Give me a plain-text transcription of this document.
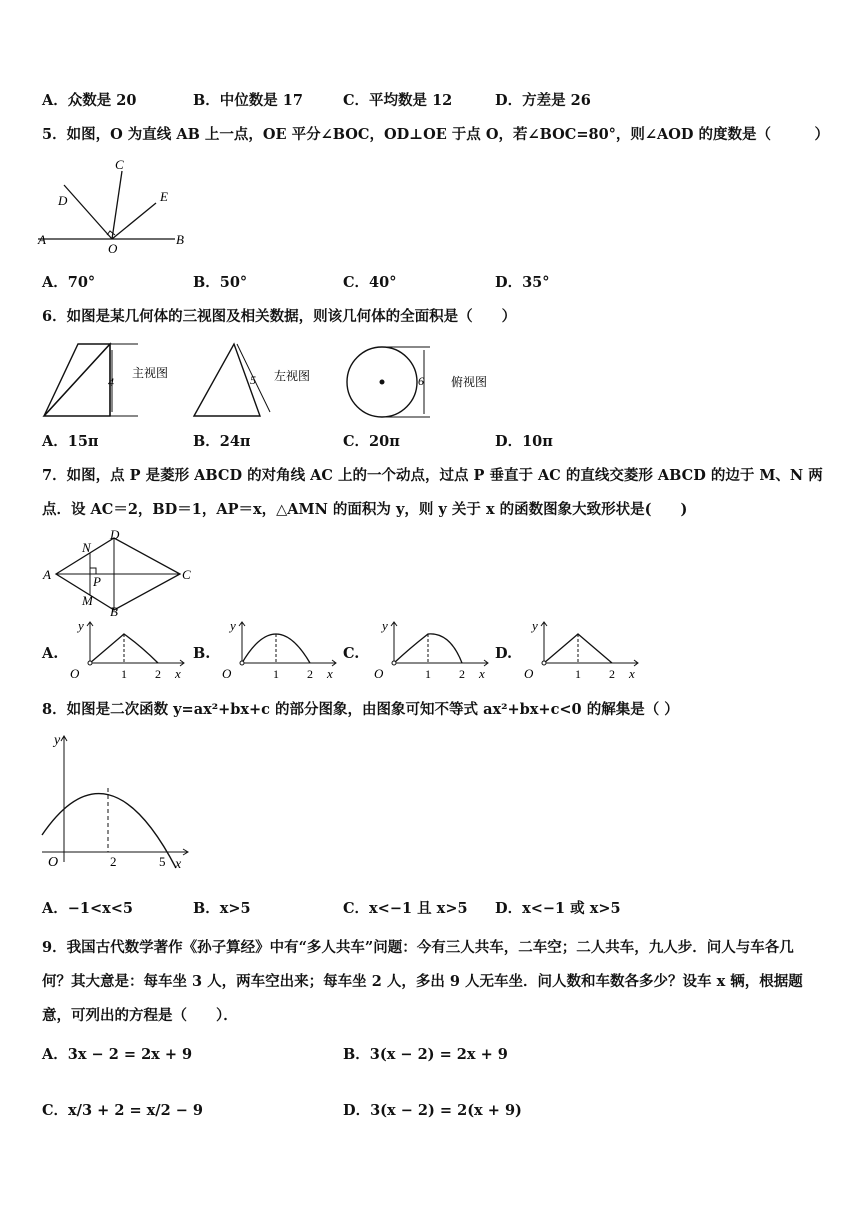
A．众数是 20	B．中位数是 17	C．平均数是 12	D．方差是 26
5．如图，O 为直线 AB 上一点，OE 平分∠BOC，OD⊥OE 于点 O，若∠BOC=80°，则∠AOD 的度数是（　　　）
A	B
C
D	E
O
A．70°	B．50°	C．40°	D．35°
6．如图是某几何体的三视图及相关数据，则该几何体的全面积是（　　）
4
主视图	5 左视图	6 俯视图
A．15π	B．24π	C．20π	D．10π
7．如图，点 P 是菱形 ABCD 的对角线 AC 上的一个动点，过点 P 垂直于 AC 的直线交菱形 ABCD 的边于 M、N 两
点．设 AC＝2，BD＝1，AP＝x，△AMN 的面积为 y，则 y 关于 x 的函数图象大致形状是(　　)
A	C
D
B
N
M
P
A.
y
O	1 2 x
B.
y
O	1 2 x
C.
y
O	1 2 x
D.
y
O	1 2 x
8．如图是二次函数 y=ax²+bx+c 的部分图象，由图象可知不等式 ax²+bx+c<0 的解集是（ ）
y
O	2	5 x
A．−1<x<5	B．x>5	C．x<−1 且 x>5 D．x<−1 或 x>5
9．我国古代数学著作《孙子算经》中有“多人共车”问题：今有三人共车，二车空；二人共车，九人步．问人与车各几
何？其大意是：每车坐 3 人，两车空出来；每车坐 2 人，多出 9 人无车坐．问人数和车数各多少？设车 x 辆，根据题
意，可列出的方程是（　　）．
A．3x − 2 = 2x + 9	B．3(x − 2) = 2x + 9
C．x/3 + 2 = x/2 − 9	D．3(x − 2) = 2(x + 9)
